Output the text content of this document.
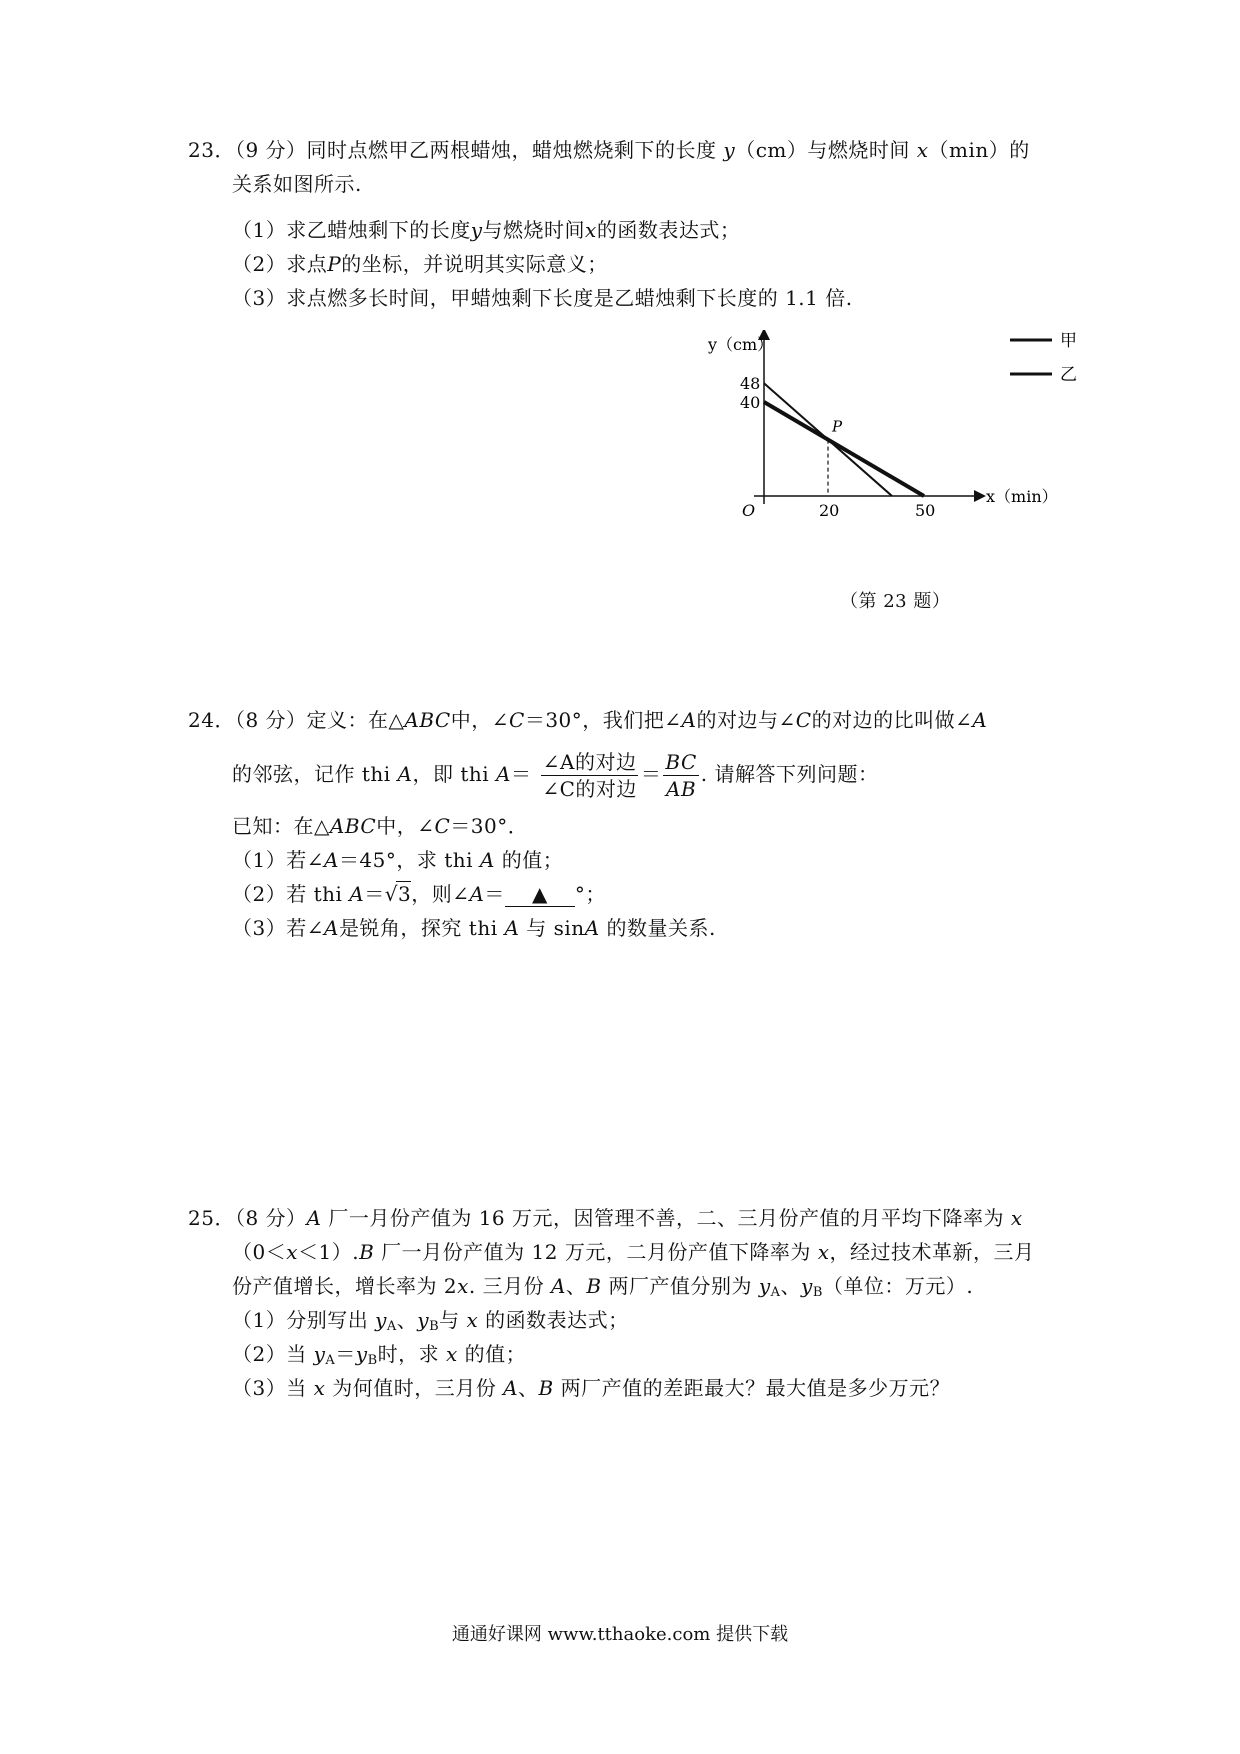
23．（9 分）同时点燃甲乙两根蜡烛，蜡烛燃烧剩下的长度 y（cm）与燃烧时间 x（min）的
关系如图所示.
（1）求乙蜡烛剩下的长度y与燃烧时间x的函数表达式；
（2）求点P的坐标，并说明其实际意义；
（3）求点燃多长时间，甲蜡烛剩下长度是乙蜡烛剩下长度的 1.1 倍.
y（cm）
x（min）
O
48
40
20	50
P
甲
乙
（第 23 题）
24．（8 分）定义：在△ABC中，∠C＝30°，我们把∠A的对边与∠C的对边的比叫做∠A
的邻弦，记作 thi A，即 thi $A= \frac{\text{∠A的对边}}{\text{∠C的对边}} = \frac{BC}{AB}$ . 请解答下列问题：
已知：在△ABC中，∠C＝30°．
（1）若∠A＝45°，求 thi A 的值；
（2）若 thi A＝√3，则∠A＝ ▲ °；
（3）若∠A是锐角，探究 thi A 与 sinA 的数量关系.
25．（8 分）A 厂一月份产值为 16 万元，因管理不善，二、三月份产值的月平均下降率为 x
（0＜x＜1）.B 厂一月份产值为 12 万元，二月份产值下降率为 x，经过技术革新，三月
份产值增长，增长率为 2x. 三月份 A、B 两厂产值分别为 $y_A$、$y_B$（单位：万元）.
（1）分别写出 $y_A$、$y_B$与 x 的函数表达式；
（2）当 $y_A=y_B$时，求 x 的值；
（3）当 x 为何值时，三月份 A、B 两厂产值的差距最大？最大值是多少万元？
通通好课网 www.tthaoke.com 提供下载
